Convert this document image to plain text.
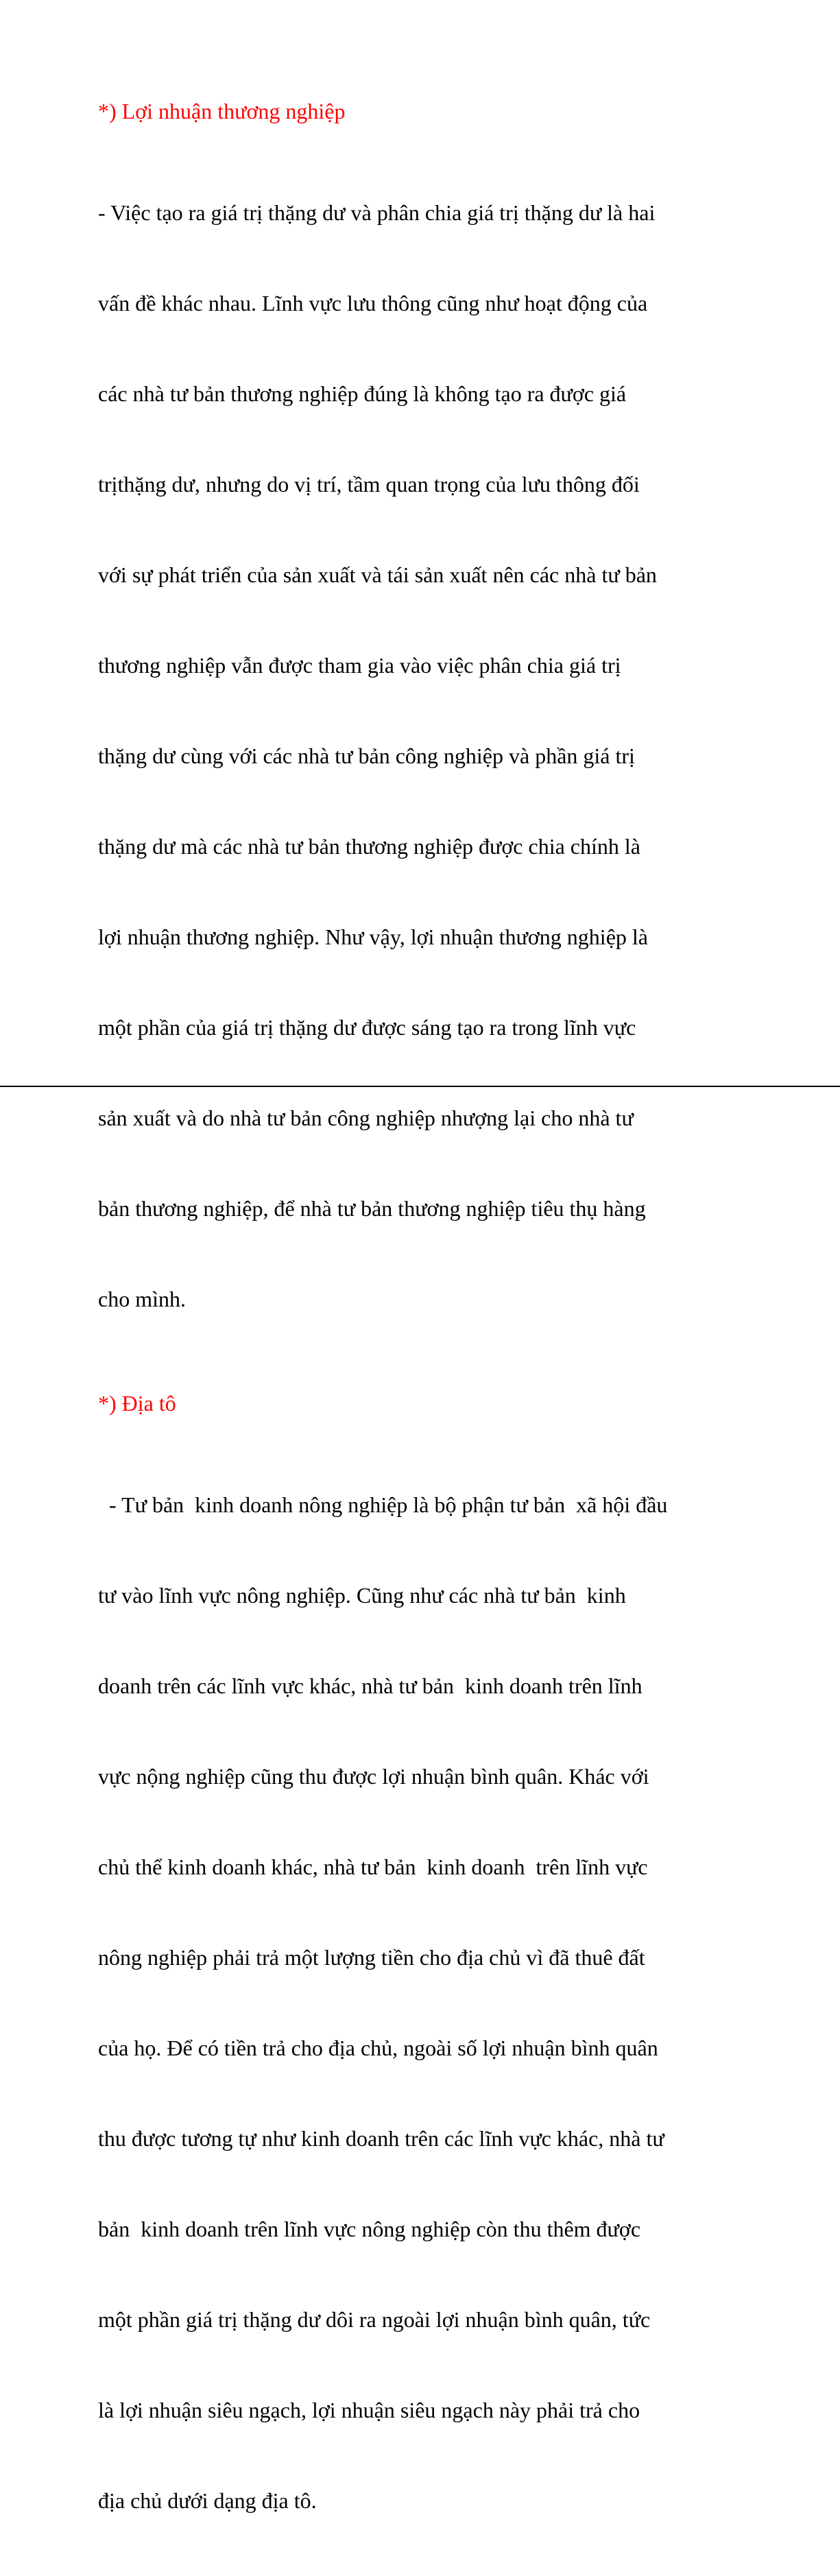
*) Lợi nhuận thương nghiệp

- Việc tạo ra giá trị thặng dư và phân chia giá trị thặng dư là hai

vấn đề khác nhau. Lĩnh vực lưu thông cũng như hoạt động của

các nhà tư bản thương nghiệp đúng là không tạo ra được giá

trịthặng dư, nhưng do vị trí, tầm quan trọng của lưu thông đối

với sự phát triển của sản xuất và tái sản xuất nên các nhà tư bản

thương nghiệp vẫn được tham gia vào việc phân chia giá trị

thặng dư cùng với các nhà tư bản công nghiệp và phần giá trị

thặng dư mà các nhà tư bản thương nghiệp được chia chính là

lợi nhuận thương nghiệp. Như vậy, lợi nhuận thương nghiệp là

một phần của giá trị thặng dư được sáng tạo ra trong lĩnh vực

sản xuất và do nhà tư bản công nghiệp nhượng lại cho nhà tư

bản thương nghiệp, để nhà tư bản thương nghiệp tiêu thụ hàng

cho mình.

*) Địa tô

- Tư bản  kinh doanh nông nghiệp là bộ phận tư bản  xã hội đầu

tư vào lĩnh vực nông nghiệp. Cũng như các nhà tư bản  kinh

doanh trên các lĩnh vực khác, nhà tư bản  kinh doanh trên lĩnh

vực nộng nghiệp cũng thu được lợi nhuận bình quân. Khác với

chủ thể kinh doanh khác, nhà tư bản  kinh doanh  trên lĩnh vực

nông nghiệp phải trả một lượng tiền cho địa chủ vì đã thuê đất

của họ. Để có tiền trả cho địa chủ, ngoài số lợi nhuận bình quân

thu được tương tự như kinh doanh trên các lĩnh vực khác, nhà tư

bản  kinh doanh trên lĩnh vực nông nghiệp còn thu thêm được

một phần giá trị thặng dư dôi ra ngoài lợi nhuận bình quân, tức

là lợi nhuận siêu ngạch, lợi nhuận siêu ngạch này phải trả cho

địa chủ dưới dạng địa tô.
